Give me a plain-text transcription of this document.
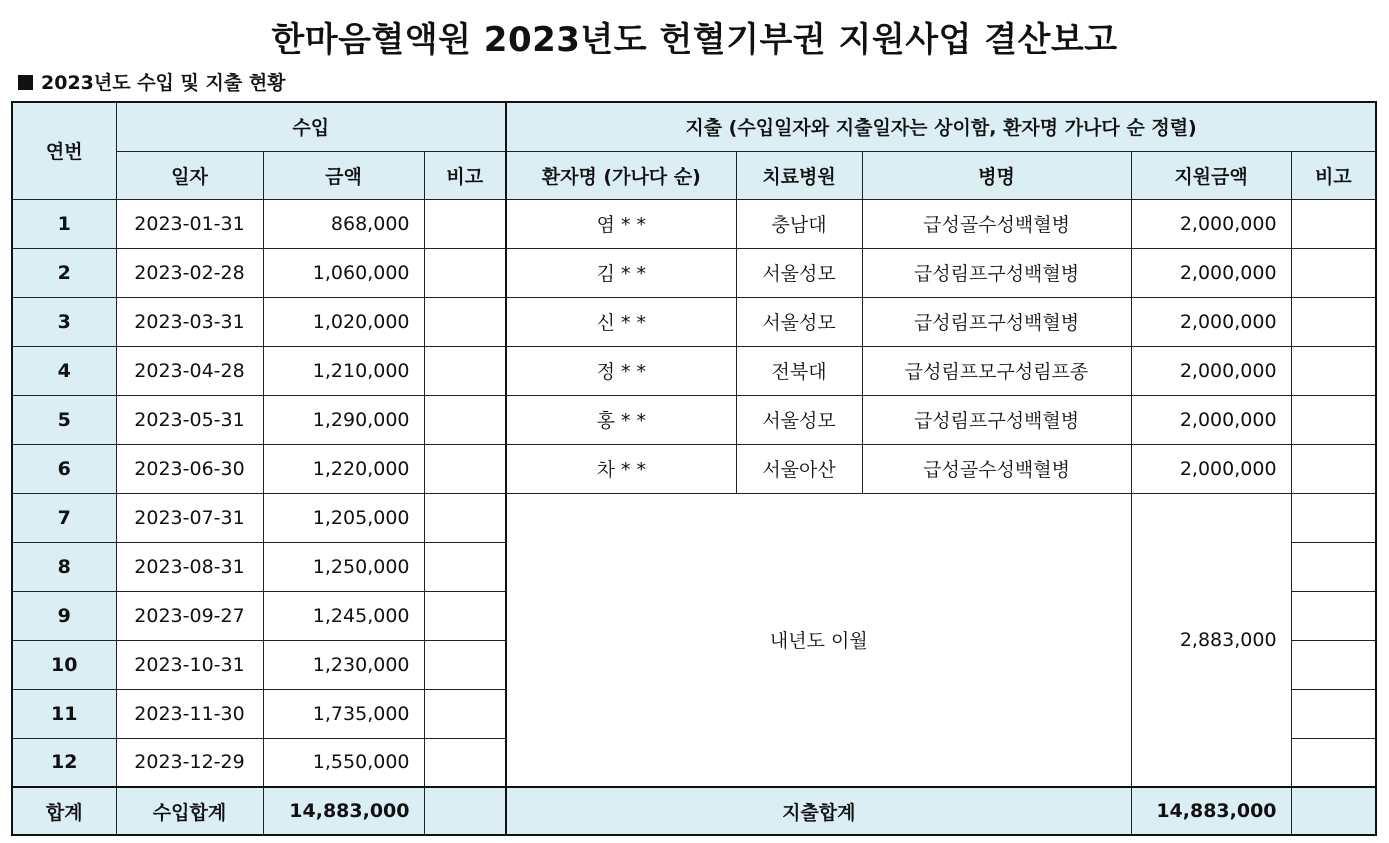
한마음혈액원 2023년도 헌혈기부권 지원사업 결산보고
2023년도 수입 및 지출 현황
연번	수입			지출 (수입일자와 지출일자는 상이함, 환자명 가나다 순 정렬)				
	일자	금액	비고	환자명 (가나다 순)	치료병원	병명	지원금액	비고
1	2023-01-31	868,000		염 * *	충남대	급성골수성백혈병	2,000,000	
2	2023-02-28	1,060,000		김 * *	서울성모	급성림프구성백혈병	2,000,000	
3	2023-03-31	1,020,000		신 * *	서울성모	급성림프구성백혈병	2,000,000	
4	2023-04-28	1,210,000		정 * *	전북대	급성림프모구성림프종	2,000,000	
5	2023-05-31	1,290,000		홍 * *	서울성모	급성림프구성백혈병	2,000,000	
6	2023-06-30	1,220,000		차 * *	서울아산	급성골수성백혈병	2,000,000	
7	2023-07-31	1,205,000		내년도 이월			2,883,000	
8	2023-08-31	1,250,000						
9	2023-09-27	1,245,000						
10	2023-10-31	1,230,000						
11	2023-11-30	1,735,000						
12	2023-12-29	1,550,000						
합계	수입합계	14,883,000		지출합계			14,883,000	
